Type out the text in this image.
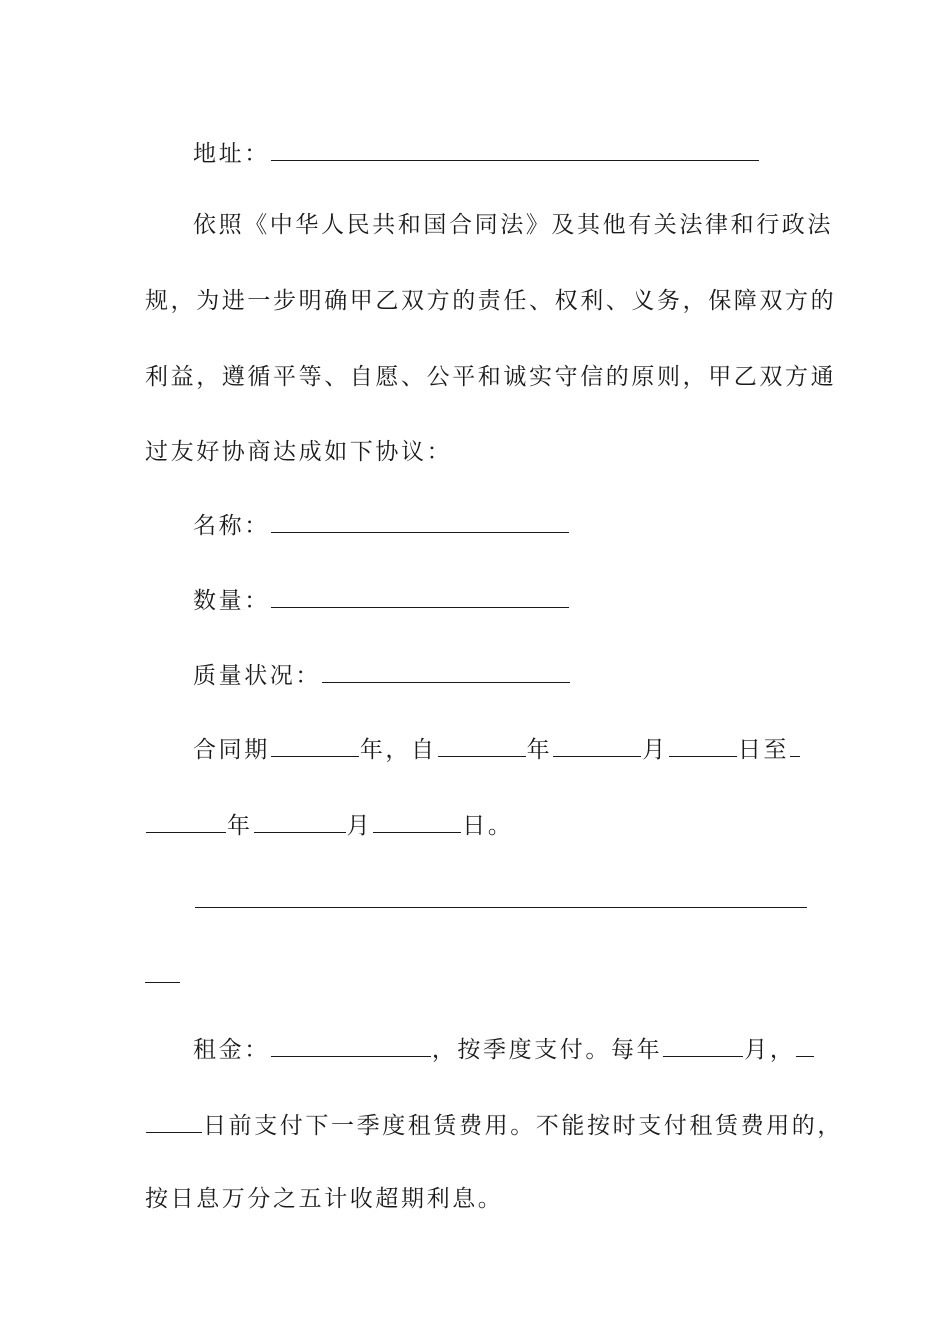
地址：
依照《中华人民共和国合同法》及其他有关法律和行政法
规，为进一步明确甲乙双方的责任、权利、义务，保障双方的
利益，遵循平等、自愿、公平和诚实守信的原则，甲乙双方通
过友好协商达成如下协议：
名称：
数量：
质量状况：
合同期	年，自	年	月	日至
年	月	日。
租金：	，按季度支付。每年	月，
日前支付下一季度租赁费用。不能按时支付租赁费用的，
按日息万分之五计收超期利息。
